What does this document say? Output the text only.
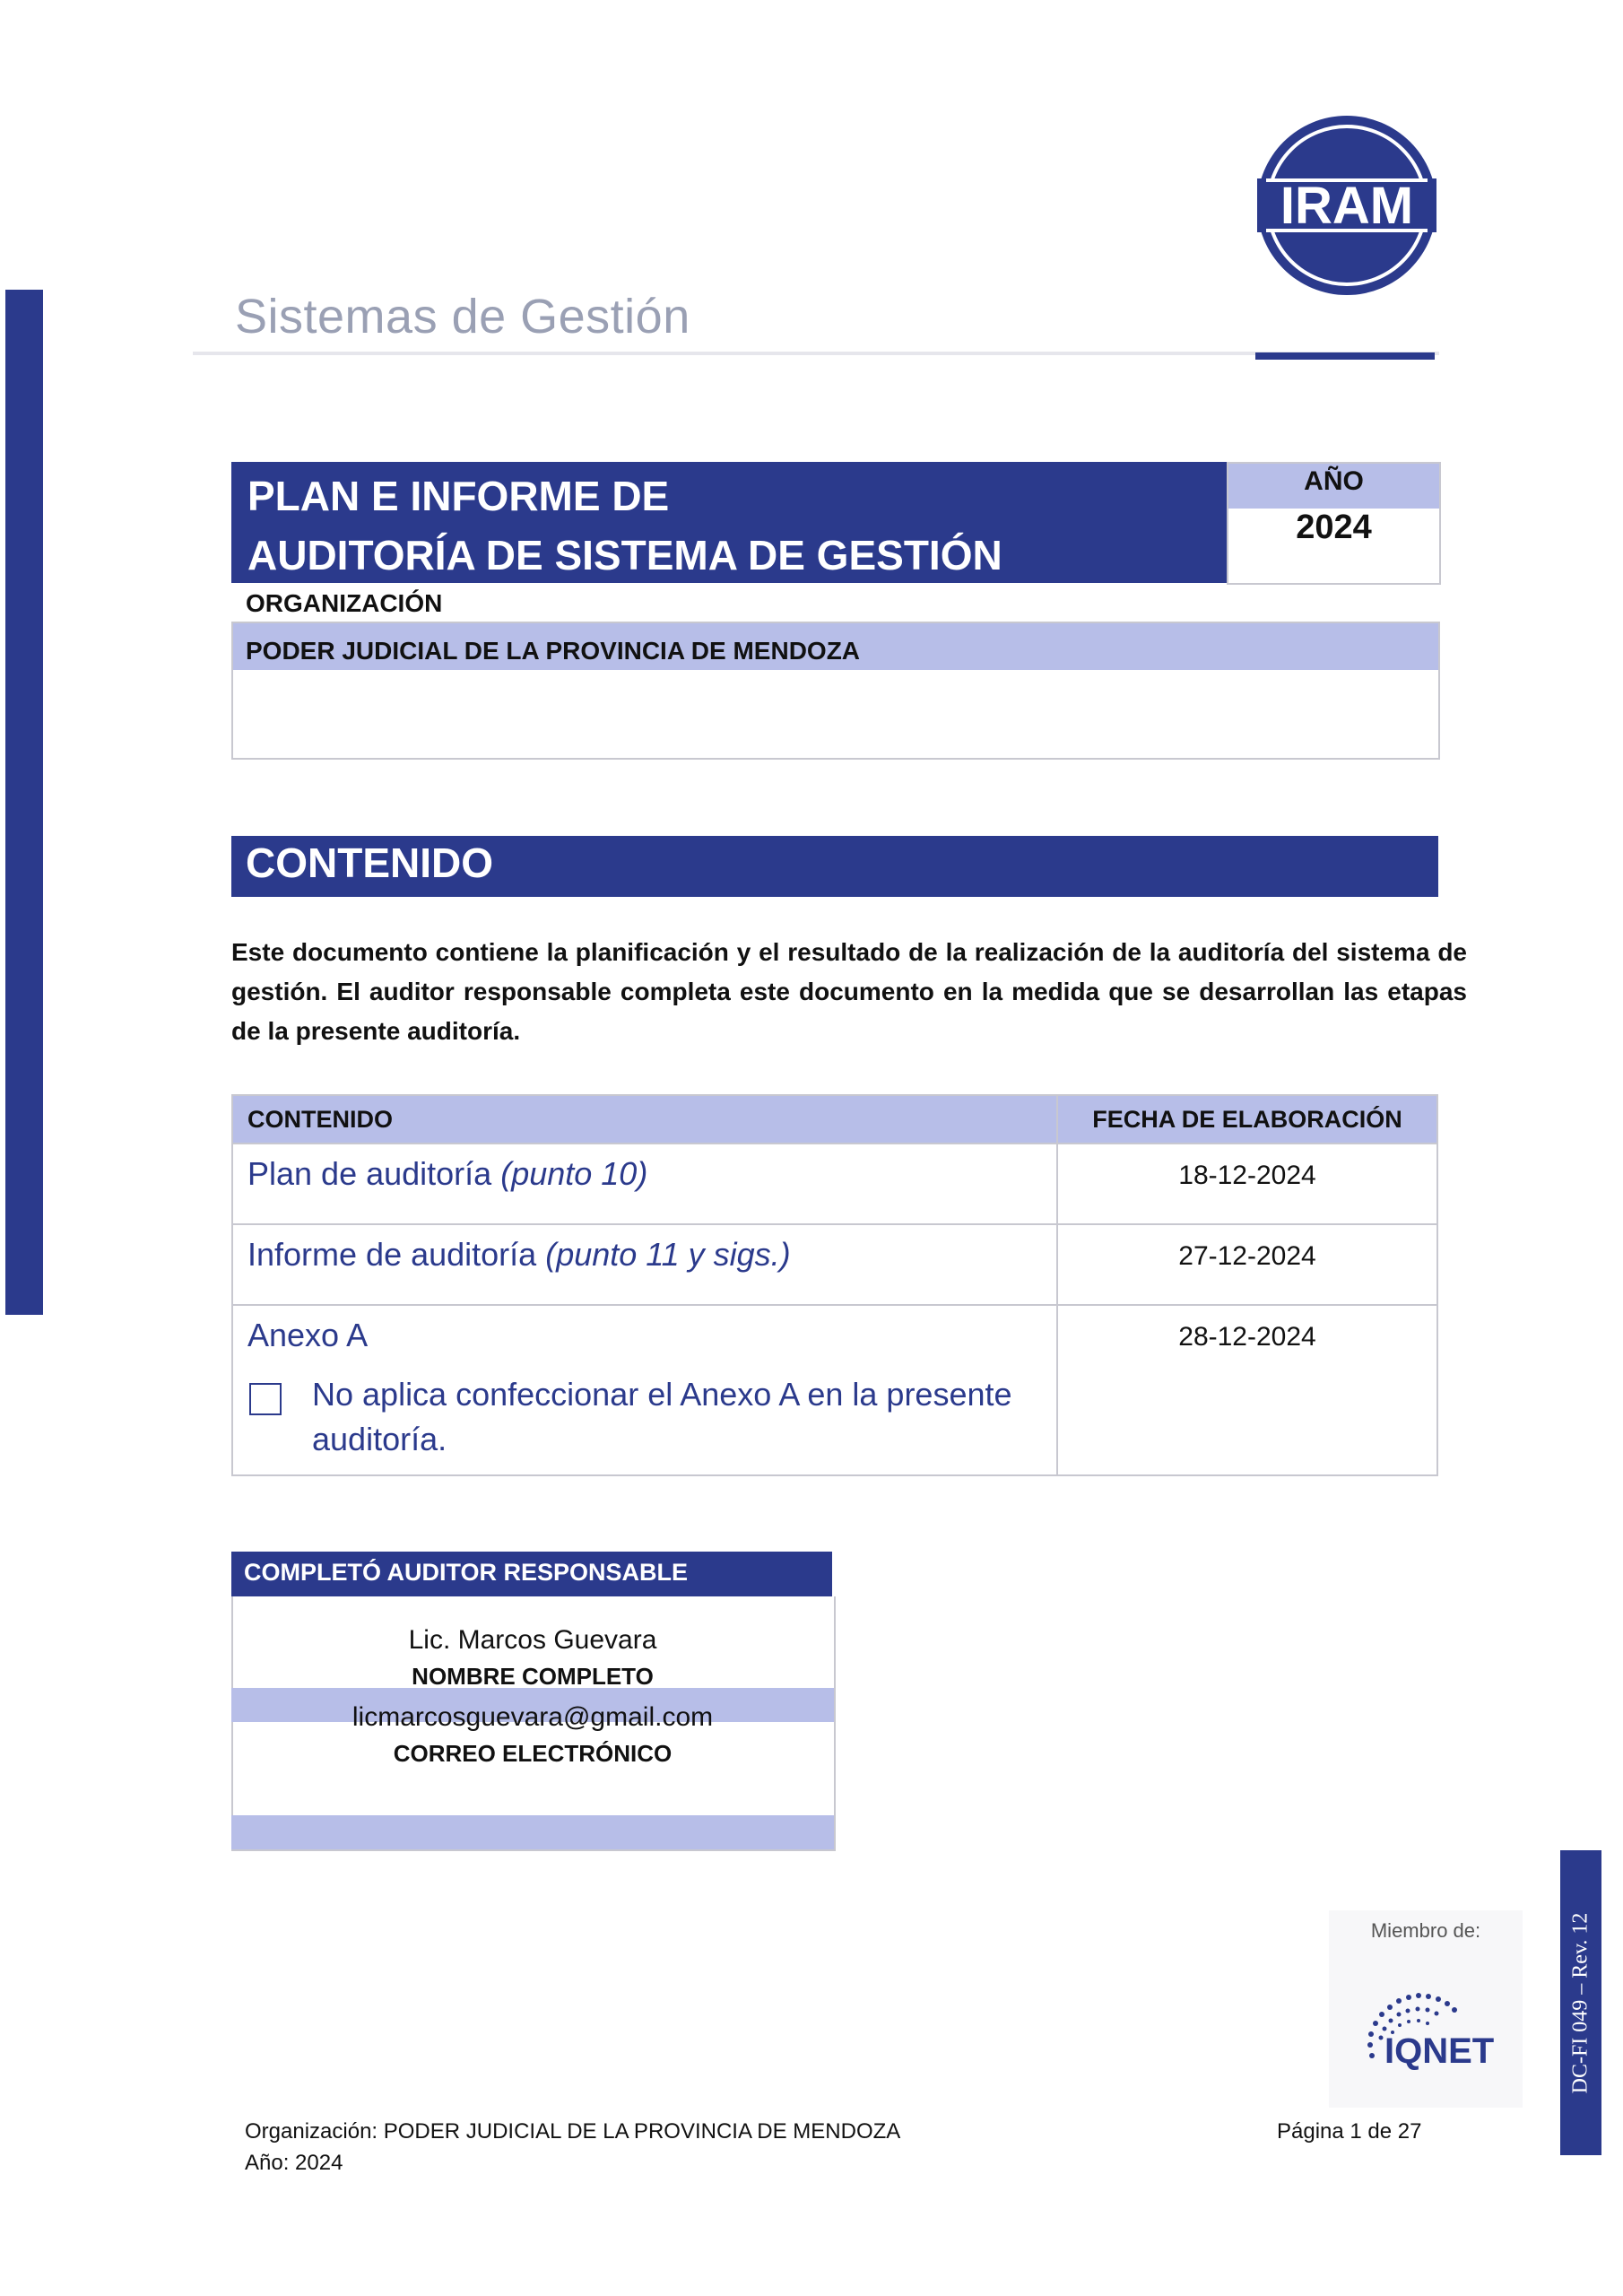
Sistemas de Gestión
IRAM
PLAN E INFORME DE
AUDITORÍA DE SISTEMA DE GESTIÓN
AÑO
2024
ORGANIZACIÓN
PODER JUDICIAL DE LA PROVINCIA DE MENDOZA
CONTENIDO
Este documento contiene la planificación y el resultado de la realización de la auditoría del sistema de gestión. El auditor responsable completa este documento en la medida que se desarrollan las etapas de la presente auditoría.
CONTENIDO	FECHA DE ELABORACIÓN
Plan de auditoría (punto 10)	18-12-2024
Informe de auditoría (punto 11 y sigs.)	27-12-2024

Anexo A
No aplica confeccionar el Anexo A en la presente auditoría.	28-12-2024
COMPLETÓ AUDITOR RESPONSABLE
Lic. Marcos Guevara
NOMBRE COMPLETO
licmarcosguevara@gmail.com
CORREO ELECTRÓNICO
Miembro de:
IQNET	DC-FI 049 – Rev. 12
Organización: PODER JUDICIAL DE LA PROVINCIA DE MENDOZA
Año: 2024
Página 1 de 27
